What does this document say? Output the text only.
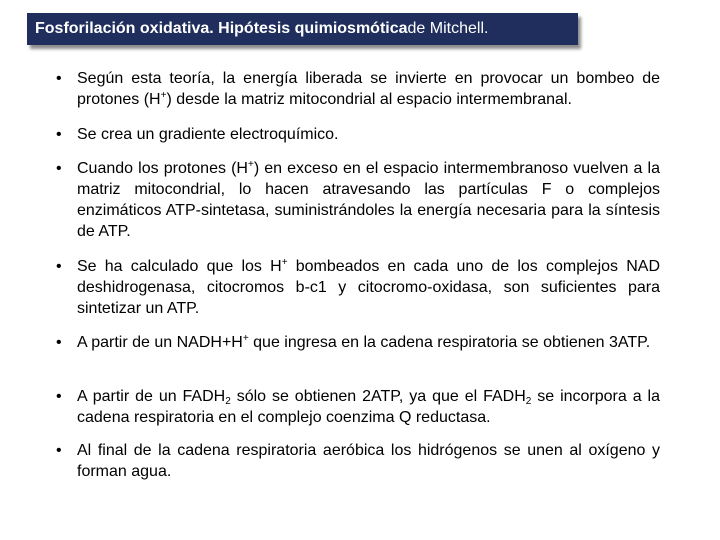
Fosforilación oxidativa. Hipótesis quimiosmótica de Mitchell.
• Según esta teoría, la energía liberada se invierte en provocar un bombeo de protones (H+) desde la matriz mitocondrial al espacio intermembranal.
• Se crea un gradiente electroquímico.
• Cuando los protones (H+) en exceso en el espacio intermembranoso vuelven a la matriz mitocondrial, lo hacen atravesando las partículas F o complejos enzimáticos ATP-sintetasa, suministrándoles la energía necesaria para la síntesis de ATP.
• Se ha calculado que los H+ bombeados en cada uno de los complejos NAD deshidrogenasa, citocromos b-c1 y citocromo-oxidasa, son suficientes para sintetizar un ATP.
• A partir de un NADH+H+ que ingresa en la cadena respiratoria se obtienen 3ATP.
• A partir de un $FADH_2$ sólo se obtienen 2ATP, ya que el $FADH_2$ se incorpora a la cadena respiratoria en el complejo coenzima Q reductasa.
• Al final de la cadena respiratoria aeróbica los hidrógenos se unen al oxígeno y forman agua.
